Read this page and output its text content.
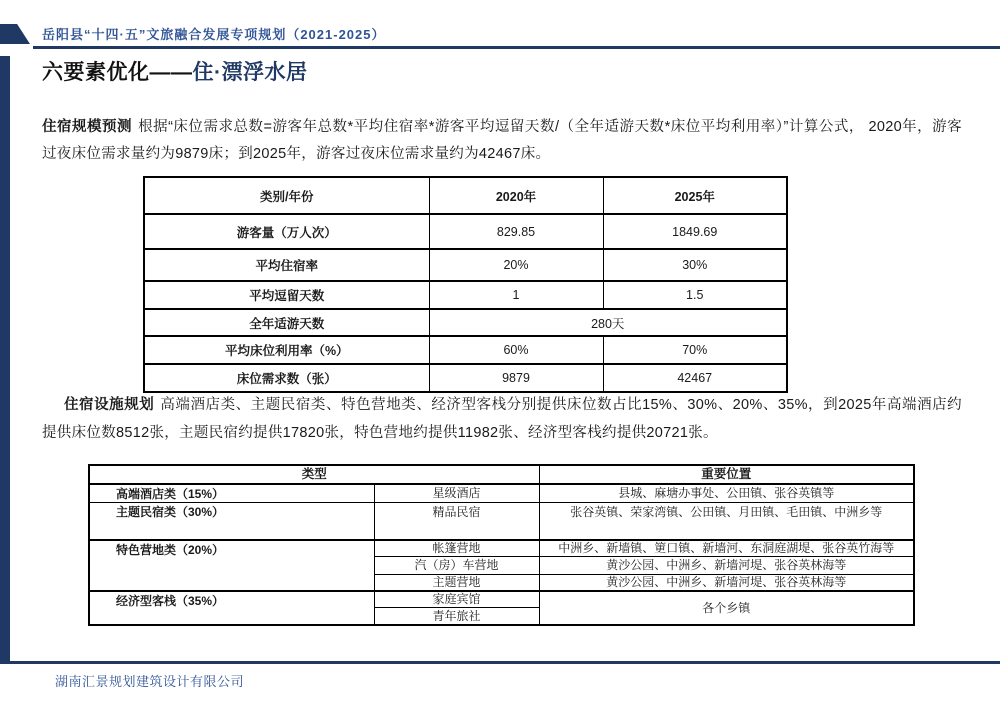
岳阳县“十四·五”文旅融合发展专项规划（2021-2025）
六要素优化——住·漂浮水居

住宿规模预测 根据“床位需求总数=游客年总数*平均住宿率*游客平均逗留天数/（全年适游天数*床位平均利用率）”计算公式， 2020年，游客过夜床位需求量约为9879床；到2025年，游客过夜床位需求量约为42467床。

类别/年份	2020年	2025年
游客量（万人次）	829.85	1849.69
平均住宿率	20%	30%
平均逗留天数	1	1.5
全年适游天数	280天	
平均床位利用率（%）	60%	70%
床位需求数（张）	9879	42467

住宿设施规划 高端酒店类、主题民宿类、特色营地类、经济型客栈分别提供床位数占比15%、30%、20%、35%，到2025年高端酒店约 提供床位数8512张，主题民宿约提供17820张，特色营地约提供11982张、经济型客栈约提供20721张。

类型		重要位置
高端酒店类（15%）	星级酒店	县城、麻塘办事处、公田镇、张谷英镇等
主题民宿类（30%）	精品民宿	张谷英镇、荣家湾镇、公田镇、月田镇、毛田镇、中洲乡等
特色营地类（20%）	帐篷营地	中洲乡、新墙镇、筻口镇、新墙河、东洞庭湖堤、张谷英竹海等
	汽（房）车营地	黄沙公园、中洲乡、新墙河堤、张谷英林海等
	主题营地	黄沙公园、中洲乡、新墙河堤、张谷英林海等
经济型客栈（35%）	家庭宾馆	各个乡镇
	青年旅社	
湖南汇景规划建筑设计有限公司
